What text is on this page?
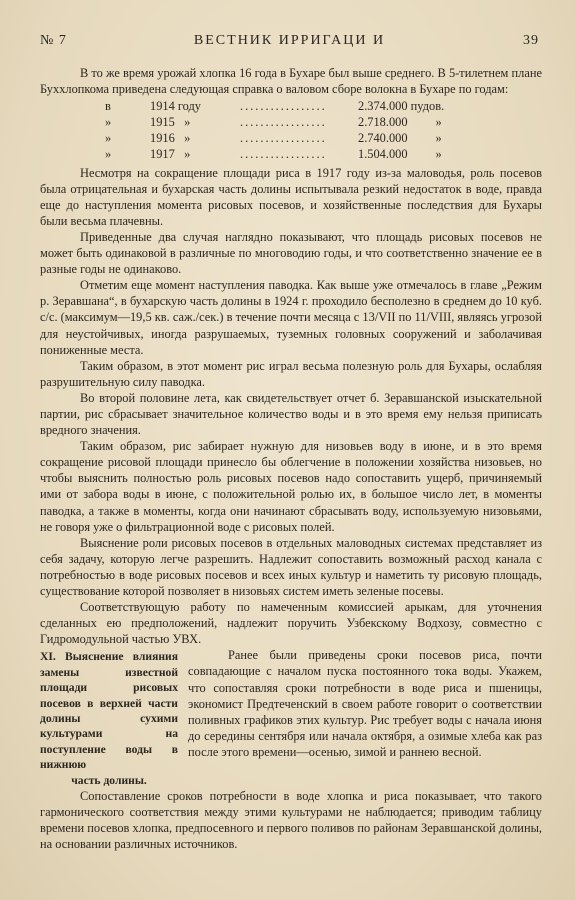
№ 7	ВЕСТНИК ИРРИГАЦИ И	39

В то же время урожай хлопка 16 года в Бухаре был выше среднего. В 5-тилетнем плане Бухxлопкома приведена следующая справка о валовом сборе волокна в Бухаре по годам:

в	1914 году	.................	2.374.000 пудов.
»	1915 »	.................	2.718.000 »
»	1916 »	.................	2.740.000 »
»	1917 »	.................	1.504.000 »

Несмотря на сокращение площади риса в 1917 году из-за маловодья, роль посевов была отрицательная и бухарская часть долины испытывала резкий недостаток в воде, правда еще до наступления момента рисовых посевов, и хозяйственные последствия для Бухары были весьма плачевны.

Приведенные два случая наглядно показывают, что площадь рисовых посевов не может быть одинаковой в различные по многоводию годы, и что соответственно значение ее в разные годы не одинаково.

Отметим еще момент наступления паводка. Как выше уже отмечалось в главе „Режим р. Зеравшана“, в бухарскую часть долины в 1924 г. проходило бесполезно в среднем до 10 куб. с/с. (максимум—19,5 кв. саж./сек.) в течение почти месяца с 13/VII по 11/VIII, являясь угрозой для неустойчивых, иногда разрушаемых, туземных головных сооружений и заболачивая пониженные места.

Таким образом, в этот момент рис играл весьма полезную роль для Бухары, ослабляя разрушительную силу паводка.

Во второй половине лета, как свидетельствует отчет б. Зеравшанской изыскательной партии, рис сбрасывает значительное количество воды и в это время ему нельзя приписать вредного значения.

Таким образом, рис забирает нужную для низовьев воду в июне, и в это время сокращение рисовой площади принесло бы облегчение в положении хозяйства низовьев, но чтобы выяснить полностью роль рисовых посевов надо сопоставить ущерб, причиняемый ими от забора воды в июне, с положительной ролью их, в большое число лет, в моменты паводка, а также в моменты, когда они начинают сбрасывать воду, используемую низовьями, не говоря уже о фильтрационной воде с рисовых полей.

Выяснение роли рисовых посевов в отдельных маловодных системах представляет из себя задачу, которую легче разрешить. Надлежит сопоставить возможный расход канала с потребностью в воде рисовых посевов и всех иных культур и наметить ту рисовую площадь, существование которой позволяет в низовьях систем иметь зеленые посевы.

Соответствующую работу по намеченным комиссией арыкам, для уточнения сделанных ею предположений, надлежит поручить Узбекскому Водхозу, совместно с Гидромодульной частью УВХ.

XI. Выяснение влияния замены известной площади рисовых посевов в верхней части долины сухими культурами на поступление воды в нижнюю
часть долины.

Ранее были приведены сроки посевов риса, почти совпадающие с началом пуска постоянного тока воды. Укажем, что сопоставляя сроки потребности в воде риса и пшеницы, экономист Предтеченский в своем работе говорит о соответствии поливных графиков этих культур. Рис требует воды с начала июня до середины сентября или начала октября, а озимые хлеба как раз после этого времени—осенью, зимой и раннею весной.

Сопоставление сроков потребности в воде хлопка и риса показывает, что такого гармонического соответствия между этими культурами не наблюдается; приводим таблицу времени посевов хлопка, предпосевного и первого поливов по районам Зеравшанской долины, на основании различных источников.
